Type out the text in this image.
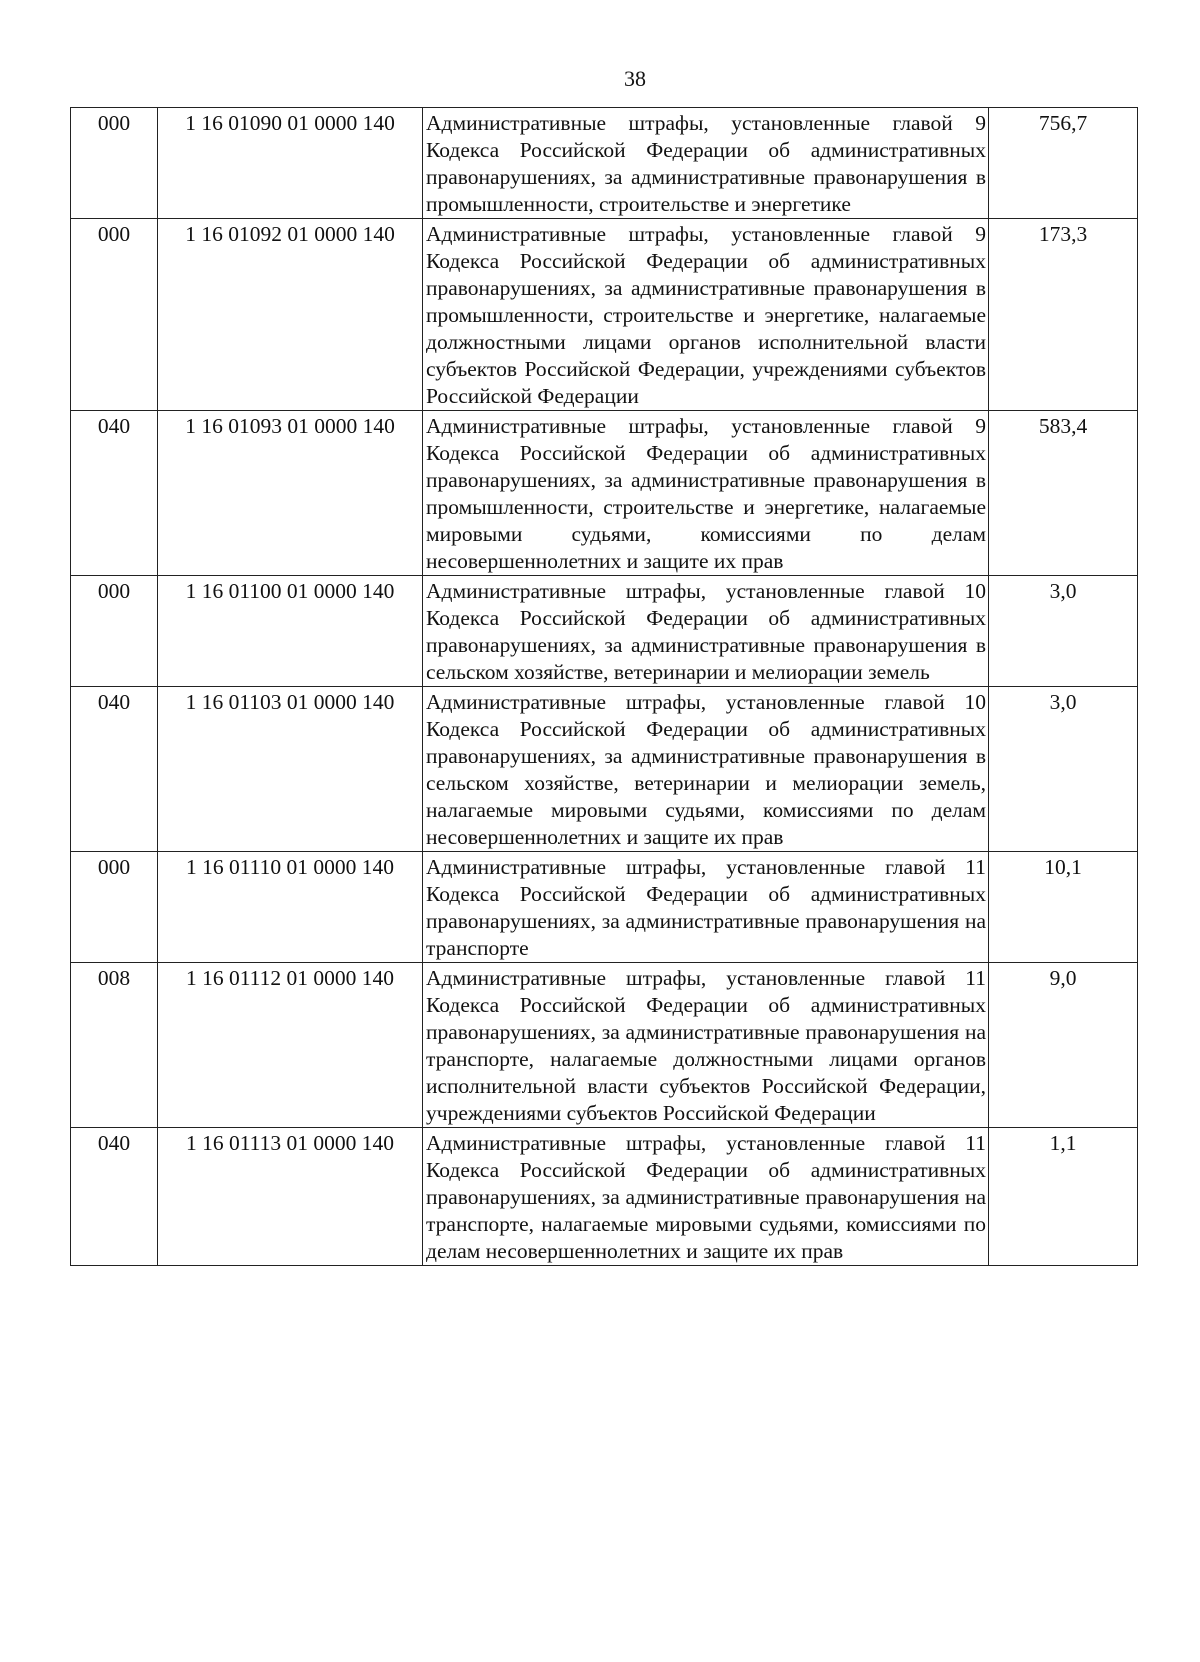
38
000	1 16 01090 01 0000 140	Административные штрафы, установленные главой 9 Кодекса Российской Федерации об административных правонарушениях, за административные правонарушения в промышленности, строительстве и энергетике	756,7
000	1 16 01092 01 0000 140	Административные штрафы, установленные главой 9 Кодекса Российской Федерации об административных правонарушениях, за административные правонарушения в промышленности, строительстве и энергетике, налагаемые должностными лицами органов исполнительной власти субъектов Российской Федерации, учреждениями субъектов Российской Федерации	173,3
040	1 16 01093 01 0000 140	Административные штрафы, установленные главой 9 Кодекса Российской Федерации об административных правонарушениях, за административные правонарушения в промышленности, строительстве и энергетике, налагаемые мировыми судьями, комиссиями по делам несовершеннолетних и защите их прав	583,4
000	1 16 01100 01 0000 140	Административные штрафы, установленные главой 10 Кодекса Российской Федерации об административных правонарушениях, за административные правонарушения в сельском хозяйстве, ветеринарии и мелиорации земель	3,0
040	1 16 01103 01 0000 140	Административные штрафы, установленные главой 10 Кодекса Российской Федерации об административных правонарушениях, за административные правонарушения в сельском хозяйстве, ветеринарии и мелиорации земель, налагаемые мировыми судьями, комиссиями по делам несовершеннолетних и защите их прав	3,0
000	1 16 01110 01 0000 140	Административные штрафы, установленные главой 11 Кодекса Российской Федерации об административных правонарушениях, за административные правонарушения на транспорте	10,1
008	1 16 01112 01 0000 140	Административные штрафы, установленные главой 11 Кодекса Российской Федерации об административных правонарушениях, за административные правонарушения на транспорте, налагаемые должностными лицами органов исполнительной власти субъектов Российской Федерации, учреждениями субъектов Российской Федерации	9,0
040	1 16 01113 01 0000 140	Административные штрафы, установленные главой 11 Кодекса Российской Федерации об административных правонарушениях, за административные правонарушения на транспорте, налагаемые мировыми судьями, комиссиями по делам несовершеннолетних и защите их прав	1,1
